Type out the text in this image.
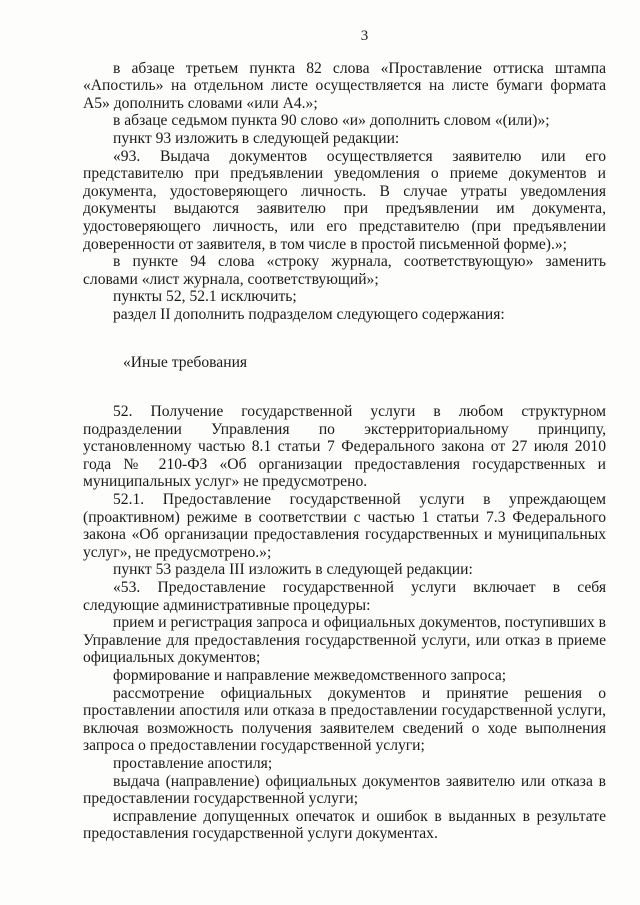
3

в абзаце третьем пункта 82 слова «Проставление оттиска штампа «Апостиль» на отдельном листе осуществляется на листе бумаги формата А5» дополнить словами «или А4.»;

в абзаце седьмом пункта 90 слово «и» дополнить словом «(или)»;

пункт 93 изложить в следующей редакции:

«93. Выдача документов осуществляется заявителю или его представителю при предъявлении уведомления о приеме документов и документа, удостоверяющего личность. В случае утраты уведомления документы выдаются заявителю при предъявлении им документа, удостоверяющего личность, или его представителю (при предъявлении доверенности от заявителя, в том числе в простой письменной форме).»;

в пункте 94 слова «строку журнала, соответствующую» заменить словами «лист журнала, соответствующий»;

пункты 52, 52.1 исключить;

раздел II дополнить подразделом следующего содержания:

«Иные требования

52. Получение государственной услуги в любом структурном подразделении Управления по экстерриториальному принципу, установленному частью 8.1 статьи 7 Федерального закона от 27 июля 2010 года № 210-ФЗ «Об организации предоставления государственных и муниципальных услуг» не предусмотрено.

52.1. Предоставление государственной услуги в упреждающем (проактивном) режиме в соответствии с частью 1 статьи 7.3 Федерального закона «Об организации предоставления государственных и муниципальных услуг», не предусмотрено.»;

пункт 53 раздела III изложить в следующей редакции:

«53. Предоставление государственной услуги включает в себя следующие административные процедуры:

прием и регистрация запроса и официальных документов, поступивших в Управление для предоставления государственной услуги, или отказ в приеме официальных документов;

формирование и направление межведомственного запроса;

рассмотрение официальных документов и принятие решения о проставлении апостиля или отказа в предоставлении государственной услуги, включая возможность получения заявителем сведений о ходе выполнения запроса о предоставлении государственной услуги;

проставление апостиля;

выдача (направление) официальных документов заявителю или отказа в предоставлении государственной услуги;

исправление допущенных опечаток и ошибок в выданных в результате предоставления государственной услуги документах.
